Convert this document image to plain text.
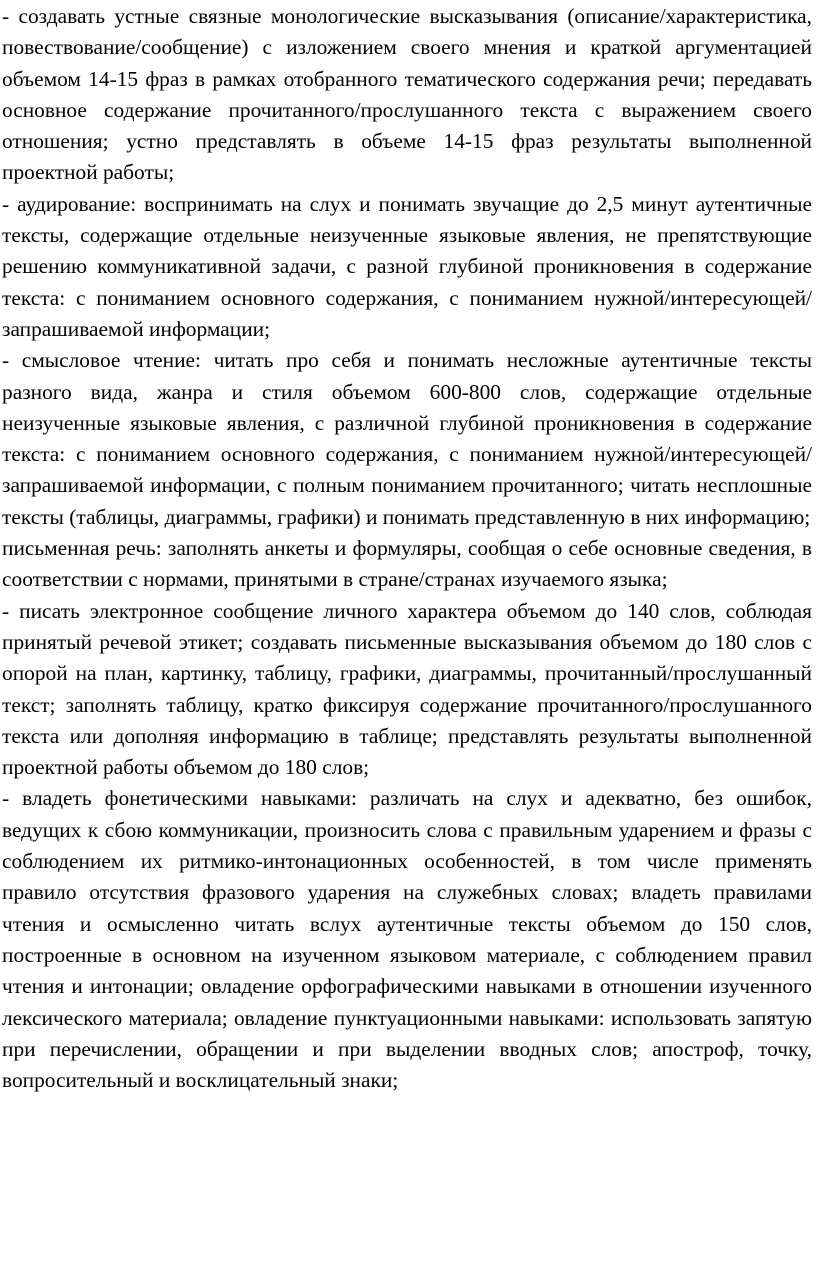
- создавать устные связные монологические высказывания (описание/характеристика, повествование/сообщение) с изложением своего мнения и краткой аргументацией объемом 14-15 фраз в рамках отобранного тематического содержания речи; передавать основное содержание прочитанного/прослушанного текста с выражением своего отношения; устно представлять в объеме 14-15 фраз результаты выполненной проектной работы;

- аудирование: воспринимать на слух и понимать звучащие до 2,5 минут аутентичные тексты, содержащие отдельные неизученные языковые явления, не препятствующие решению коммуникативной задачи, с разной глубиной проникновения в содержание текста: с пониманием основного содержания, с пониманием нужной/интересующей/запрашиваемой информации;

- смысловое чтение: читать про себя и понимать несложные аутентичные тексты разного вида, жанра и стиля объемом 600-800 слов, содержащие отдельные неизученные языковые явления, с различной глубиной проникновения в содержание текста: с пониманием основного содержания, с пониманием нужной/интересующей/запрашиваемой информации, с полным пониманием прочитанного; читать несплошные тексты (таблицы, диаграммы, графики) и понимать представленную в них информацию;

письменная речь: заполнять анкеты и формуляры, сообщая о себе основные сведения, в соответствии с нормами, принятыми в стране/странах изучаемого языка;

- писать электронное сообщение личного характера объемом до 140 слов, соблюдая принятый речевой этикет; создавать письменные высказывания объемом до 180 слов с опорой на план, картинку, таблицу, графики, диаграммы, прочитанный/прослушанный текст; заполнять таблицу, кратко фиксируя содержание прочитанного/прослушанного текста или дополняя информацию в таблице; представлять результаты выполненной проектной работы объемом до 180 слов;

- владеть фонетическими навыками: различать на слух и адекватно, без ошибок, ведущих к сбою коммуникации, произносить слова с правильным ударением и фразы с соблюдением их ритмико-интонационных особенностей, в том числе применять правило отсутствия фразового ударения на служебных словах; владеть правилами чтения и осмысленно читать вслух аутентичные тексты объемом до 150 слов, построенные в основном на изученном языковом материале, с соблюдением правил чтения и интонации; овладение орфографическими навыками в отношении изученного лексического материала; овладение пунктуационными навыками: использовать запятую при перечислении, обращении и при выделении вводных слов; апостроф, точку, вопросительный и восклицательный знаки;
